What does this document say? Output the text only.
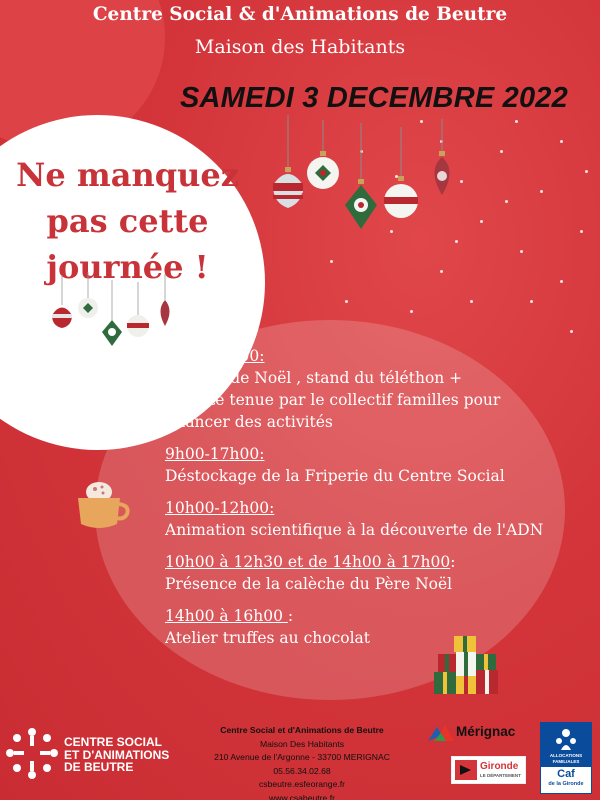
Centre Social & d'Animations de Beutre
Maison des Habitants
SAMEDI 3 DECEMBRE 2022
Ne manquez
pas cette
journée !
9h00-18h00:
Marché de Noël , stand du téléthon +
buvette tenue par le collectif familles pour
financer des activités
9h00-17h00:
Déstockage de la Friperie du Centre Social
10h00-12h00:
Animation scientifique à la découverte de l'ADN
10h00 à 12h30 et de 14h00 à 17h00:
Présence de la calèche du Père Noël
14h00 à 16h00 :
Atelier truffes au chocolat
CENTRE SOCIAL
ET D'ANIMATIONS
DE BEUTRE
Centre Social et d'Animations de Beutre
Maison Des Habitants
210 Avenue de l'Argonne - 33700 MERIGNAC
05.56.34.02.68
csbeutre.esfeorange.fr
www.csabeutre.fr
Mérignac
Gironde
LE DÉPARTEMENT
ALLOCATIONS
FAMILIALES
Caf
de la Gironde
